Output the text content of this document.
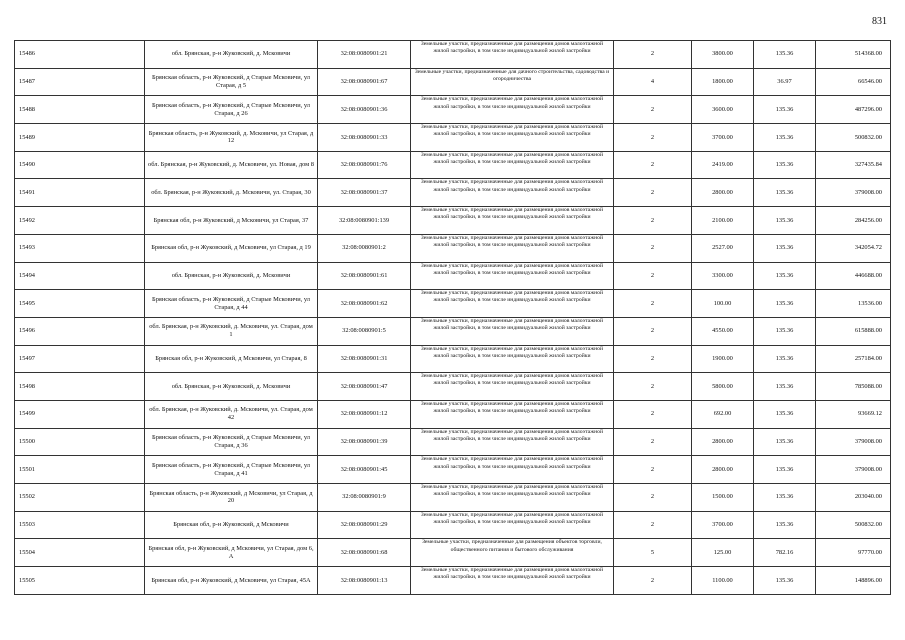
831
15486	обл. Брянская, р-н Жуковский, д. Мсковичи	32:08:0080901:21	Земельные участки, предназначенные для размещения домов малоэтажной жилой застройки, в том числе индивидуальной жилой застройки	2	3800.00	135.36	514368.00
15487	Брянская область, р-н Жуковский, д Старые Мсковичи, ул Старая, д 5	32:08:0080901:67	Земельные участки, предназначенные для дачного строительства, садоводства и огородничества	4	1800.00	36.97	66546.00
15488	Брянская область, р-н Жуковский, д Старые Мсковичи, ул Старая, д 26	32:08:0080901:36	Земельные участки, предназначенные для размещения домов малоэтажной жилой застройки, в том числе индивидуальной жилой застройки	2	3600.00	135.36	487296.00
15489	Брянская область, р-н Жуковский, д. Мсковичи, ул Старая, д 12	32:08:0080901:33	Земельные участки, предназначенные для размещения домов малоэтажной жилой застройки, в том числе индивидуальной жилой застройки	2	3700.00	135.36	500832.00
15490	обл. Брянская, р-н Жуковский, д. Мсковичи, ул. Новая, дом 8	32:08:0080901:76	Земельные участки, предназначенные для размещения домов малоэтажной жилой застройки, в том числе индивидуальной жилой застройки	2	2419.00	135.36	327435.84
15491	обл. Брянская, р-н Жуковский, д. Мсковичи, ул. Старая, 30	32:08:0080901:37	Земельные участки, предназначенные для размещения домов малоэтажной жилой застройки, в том числе индивидуальной жилой застройки	2	2800.00	135.36	379008.00
15492	Брянская обл, р-н Жуковский, д Мсковичи, ул Старая, 37	32:08:0080901:139	Земельные участки, предназначенные для размещения домов малоэтажной жилой застройки, в том числе индивидуальной жилой застройки	2	2100.00	135.36	284256.00
15493	Брянская обл, р-н Жуковский, д Мсковичи, ул Старая, д 19	32:08:0080901:2	Земельные участки, предназначенные для размещения домов малоэтажной жилой застройки, в том числе индивидуальной жилой застройки	2	2527.00	135.36	342054.72
15494	обл. Брянская, р-н Жуковский, д. Мсковичи	32:08:0080901:61	Земельные участки, предназначенные для размещения домов малоэтажной жилой застройки, в том числе индивидуальной жилой застройки	2	3300.00	135.36	446688.00
15495	Брянская область, р-н Жуковский, д Старые Мсковичи, ул Старая, д 44	32:08:0080901:62	Земельные участки, предназначенные для размещения домов малоэтажной жилой застройки, в том числе индивидуальной жилой застройки	2	100.00	135.36	13536.00
15496	обл. Брянская, р-н Жуковский, д. Мсковичи, ул. Старая, дом 1	32:08:0080901:5	Земельные участки, предназначенные для размещения домов малоэтажной жилой застройки, в том числе индивидуальной жилой застройки	2	4550.00	135.36	615888.00
15497	Брянская обл, р-н Жуковский, д Мсковичи, ул Старая, 8	32:08:0080901:31	Земельные участки, предназначенные для размещения домов малоэтажной жилой застройки, в том числе индивидуальной жилой застройки	2	1900.00	135.36	257184.00
15498	обл. Брянская, р-н Жуковский, д. Мсковичи	32:08:0080901:47	Земельные участки, предназначенные для размещения домов малоэтажной жилой застройки, в том числе индивидуальной жилой застройки	2	5800.00	135.36	785088.00
15499	обл. Брянская, р-н Жуковский, д. Мсковичи, ул. Старая, дом 42	32:08:0080901:12	Земельные участки, предназначенные для размещения домов малоэтажной жилой застройки, в том числе индивидуальной жилой застройки	2	692.00	135.36	93669.12
15500	Брянская область, р-н Жуковский, д Старые Мсковичи, ул Старая, д 36	32:08:0080901:39	Земельные участки, предназначенные для размещения домов малоэтажной жилой застройки, в том числе индивидуальной жилой застройки	2	2800.00	135.36	379008.00
15501	Брянская область, р-н Жуковский, д Старые Мсковичи, ул Старая, д 41	32:08:0080901:45	Земельные участки, предназначенные для размещения домов малоэтажной жилой застройки, в том числе индивидуальной жилой застройки	2	2800.00	135.36	379008.00
15502	Брянская область, р-н Жуковский, д Мсковичи, ул Старая, д 20	32:08:0080901:9	Земельные участки, предназначенные для размещения домов малоэтажной жилой застройки, в том числе индивидуальной жилой застройки	2	1500.00	135.36	203040.00
15503	Брянская обл, р-н Жуковский, д Мсковичи	32:08:0080901:29	Земельные участки, предназначенные для размещения домов малоэтажной жилой застройки, в том числе индивидуальной жилой застройки	2	3700.00	135.36	500832.00
15504	Брянская обл, р-н Жуковский, д Мсковичи, ул Старая, дом 6, А	32:08:0080901:68	Земельные участки, предназначенные для размещения объектов торговли, общественного питания и бытового обслуживания	5	125.00	782.16	97770.00
15505	Брянская обл, р-н Жуковский, д Мсковичи, ул Старая, 45А	32:08:0080901:13	Земельные участки, предназначенные для размещения домов малоэтажной жилой застройки, в том числе индивидуальной жилой застройки	2	1100.00	135.36	148896.00
